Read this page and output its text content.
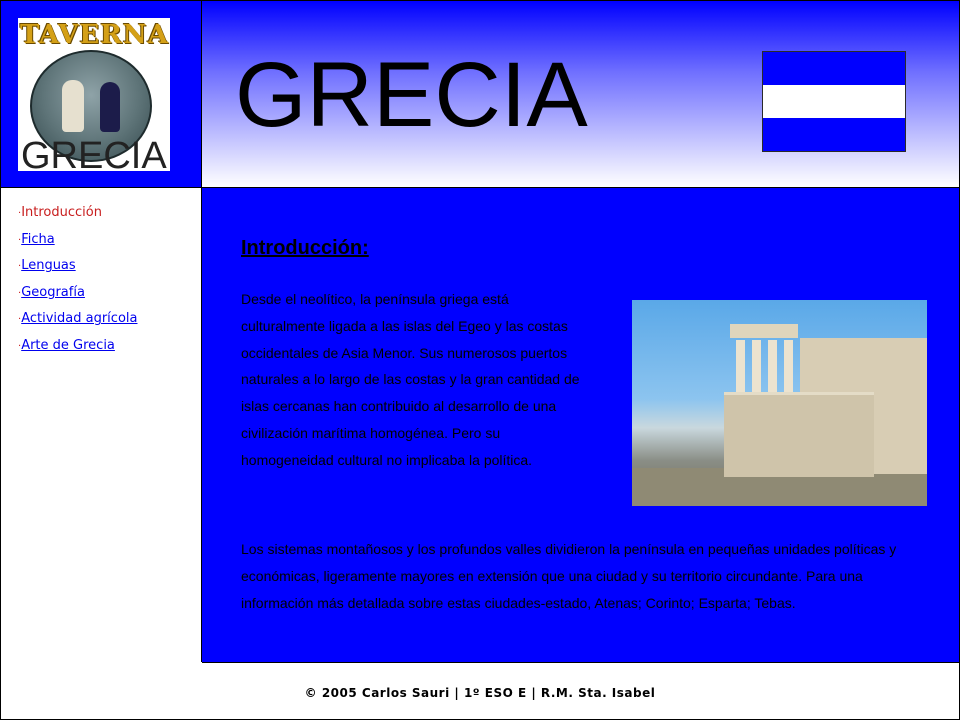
TAVERNA
GRECIA
GRECIA
·Introducción
·Ficha
·Lenguas
·Geografía
·Actividad agrícola
·Arte de Grecia
Introducción:

Desde el neolítico, la península griega está culturalmente ligada a las islas del Egeo y las costas occidentales de Asia Menor. Sus numerosos puertos naturales a lo largo de las costas y la gran cantidad de islas cercanas han contribuido al desarrollo de una civilización marítima homogénea. Pero su homogeneidad cultural no implicaba la política.

Los sistemas montañosos y los profundos valles dividieron la península en pequeñas unidades políticas y económicas, ligeramente mayores en extensión que una ciudad y su territorio circundante. Para una información más detallada sobre estas ciudades-estado, Atenas; Corinto; Esparta; Tebas.

© 2005 Carlos Sauri | 1º ESO E | R.M. Sta. Isabel
